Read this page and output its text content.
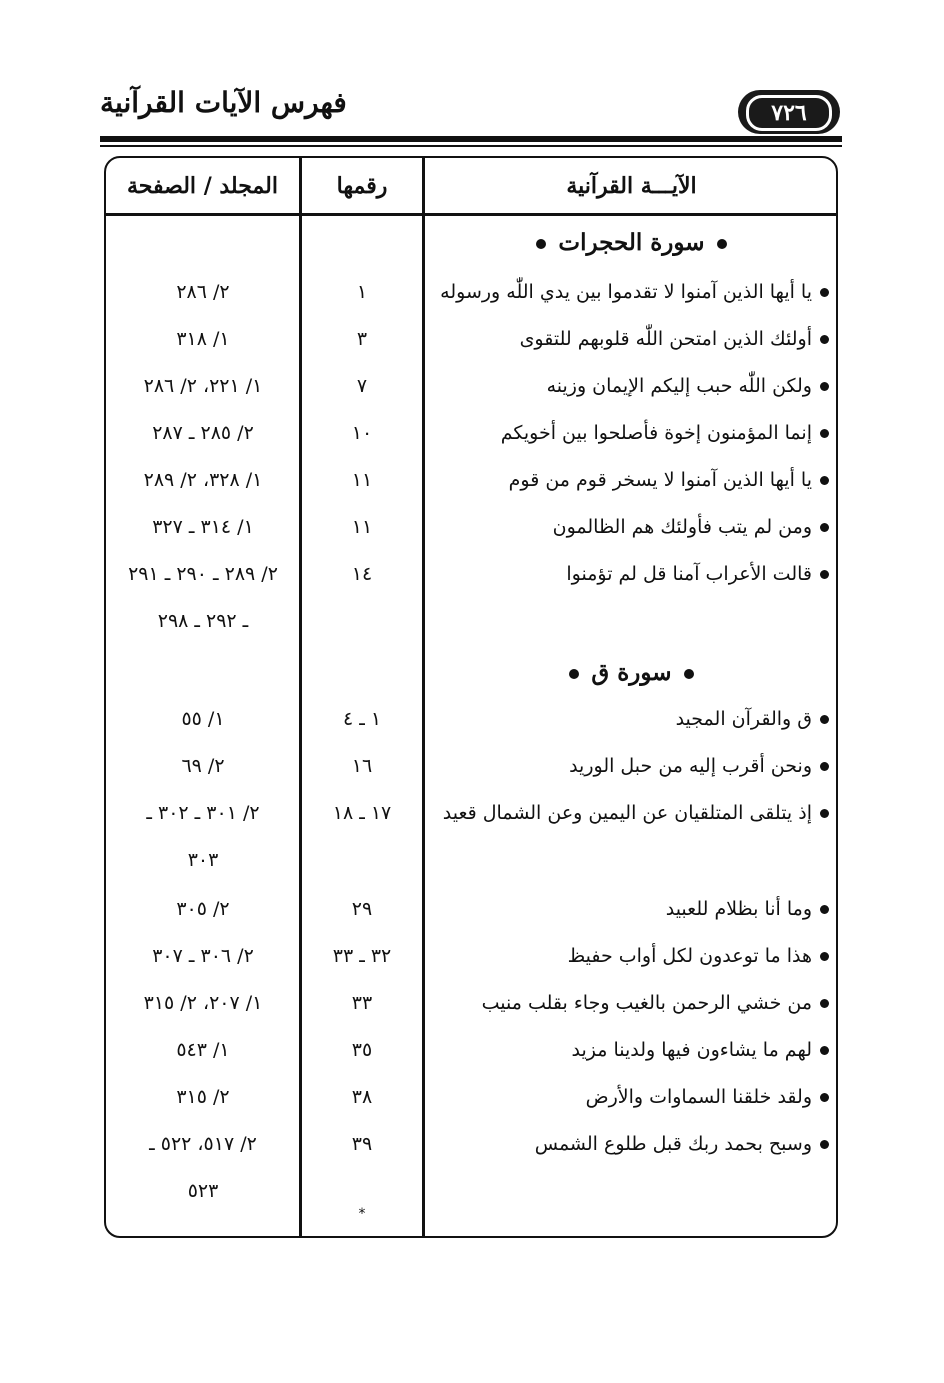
فهرس الآيات القرآنية	٧٢٦
الآيـــة القرآنية
رقمها
المجلد / الصفحة
سورة الحجرات
يا أيها الذين آمنوا لا تقدموا بين يدي اللّٰه ورسوله
١
٢/ ٢٨٦
أولئك الذين امتحن اللّٰه قلوبهم للتقوى
٣
١/ ٣١٨
ولكن اللّٰه حبب إليكم الإيمان وزينه
٧
١/ ٢٢١، ٢/ ٢٨٦
إنما المؤمنون إخوة فأصلحوا بين أخويكم
١٠
٢/ ٢٨٥ ـ ٢٨٧
يا أيها الذين آمنوا لا يسخر قوم من قوم
١١
١/ ٣٢٨، ٢/ ٢٨٩
ومن لم يتب فأولئك هم الظالمون
١١
١/ ٣١٤ ـ ٣٢٧
قالت الأعراب آمنا قل لم تؤمنوا
١٤
٢/ ٢٨٩ ـ ٢٩٠ ـ ٢٩١
ـ ٢٩٢ ـ ٢٩٨
سورة ق
ق والقرآن المجيد
١ ـ ٤
١/ ٥٥
ونحن أقرب إليه من حبل الوريد
١٦
٢/ ٦٩
إذ يتلقى المتلقيان عن اليمين وعن الشمال قعيد
١٧ ـ ١٨
٢/ ٣٠١ ـ ٣٠٢ ـ
٣٠٣
وما أنا بظلام للعبيد
٢٩
٢/ ٣٠٥
هذا ما توعدون لكل أواب حفيظ
٣٢ ـ ٣٣
٢/ ٣٠٦ ـ ٣٠٧
من خشي الرحمن بالغيب وجاء بقلب منيب
٣٣
١/ ٢٠٧، ٢/ ٣١٥
لهم ما يشاءون فيها ولدينا مزيد
٣٥
١/ ٥٤٣
ولقد خلقنا السماوات والأرض
٣٨
٢/ ٣١٥
وسبح بحمد ربك قبل طلوع الشمس
٣٩
٢/ ٥١٧، ٥٢٢ ـ
٥٢٣
*
